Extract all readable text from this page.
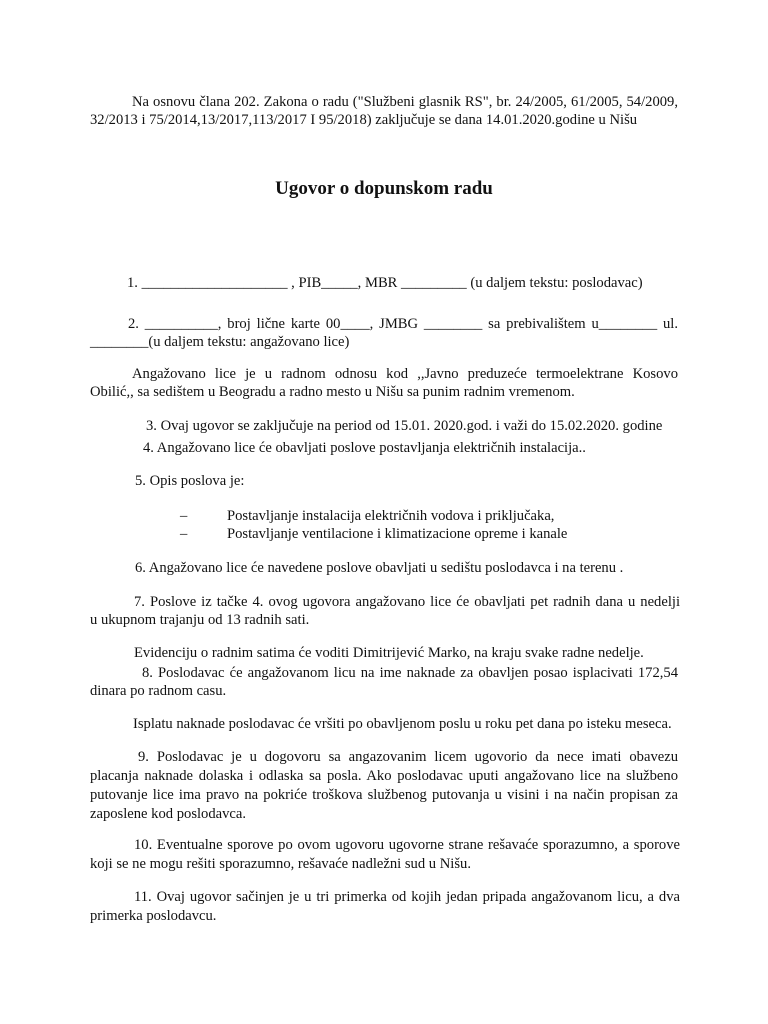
Na osnovu člana 202. Zakona o radu ("Službeni glasnik RS", br. 24/2005, 61/2005, 54/2009,
32/2013 i 75/2014,13/2017,113/2017 I 95/2018) zaključuje se dana 14.01.2020.godine u Nišu
Ugovor o dopunskom radu
1. ____________________ , PIB_____, MBR _________ (u daljem tekstu: poslodavac)
2. __________, broj lične karte 00____, JMBG ________ sa prebivalištem u________ ul.
________(u daljem tekstu: angažovano lice)
Angažovano lice je u radnom odnosu kod ,,Javno preduzeće termoelektrane Kosovo
Obilić,, sa sedištem u Beogradu a radno mesto u Nišu sa punim radnim vremenom.
3. Ovaj ugovor se zaključuje na period od 15.01. 2020.god. i važi do 15.02.2020. godine
4. Angažovano lice će obavljati poslove postavljanja električnih instalacija..
5. Opis poslova je:
–	Postavljanje instalacija električnih vodova i priključaka,
–	Postavljanje ventilacione i klimatizacione opreme i kanale
6. Angažovano lice će navedene poslove obavljati u sedištu poslodavca i na terenu .
7. Poslove iz tačke 4. ovog ugovora angažovano lice će obavljati pet radnih dana u nedelji
u ukupnom trajanju od 13 radnih sati.
Evidenciju o radnim satima će voditi Dimitrijević Marko, na kraju svake radne nedelje.
8. Poslodavac će angažovanom licu na ime naknade za obavljen posao isplacivati 172,54
dinara po radnom casu.
Isplatu naknade poslodavac će vršiti po obavljenom poslu u roku pet dana po isteku meseca.
9. Poslodavac je u dogovoru sa angazovanim licem ugovorio da nece imati obavezu
placanja naknade dolaska i odlaska sa posla. Ako poslodavac uputi angažovano lice na službeno
putovanje lice ima pravo na pokriće troškova službenog putovanja u visini i na način propisan za
zaposlene kod poslodavca.
10. Eventualne sporove po ovom ugovoru ugovorne strane rešavaće sporazumno, a sporove
koji se ne mogu rešiti sporazumno, rešavaće nadležni sud u Nišu.
11. Ovaj ugovor sačinjen je u tri primerka od kojih jedan pripada angažovanom licu, a dva
primerka poslodavcu.
